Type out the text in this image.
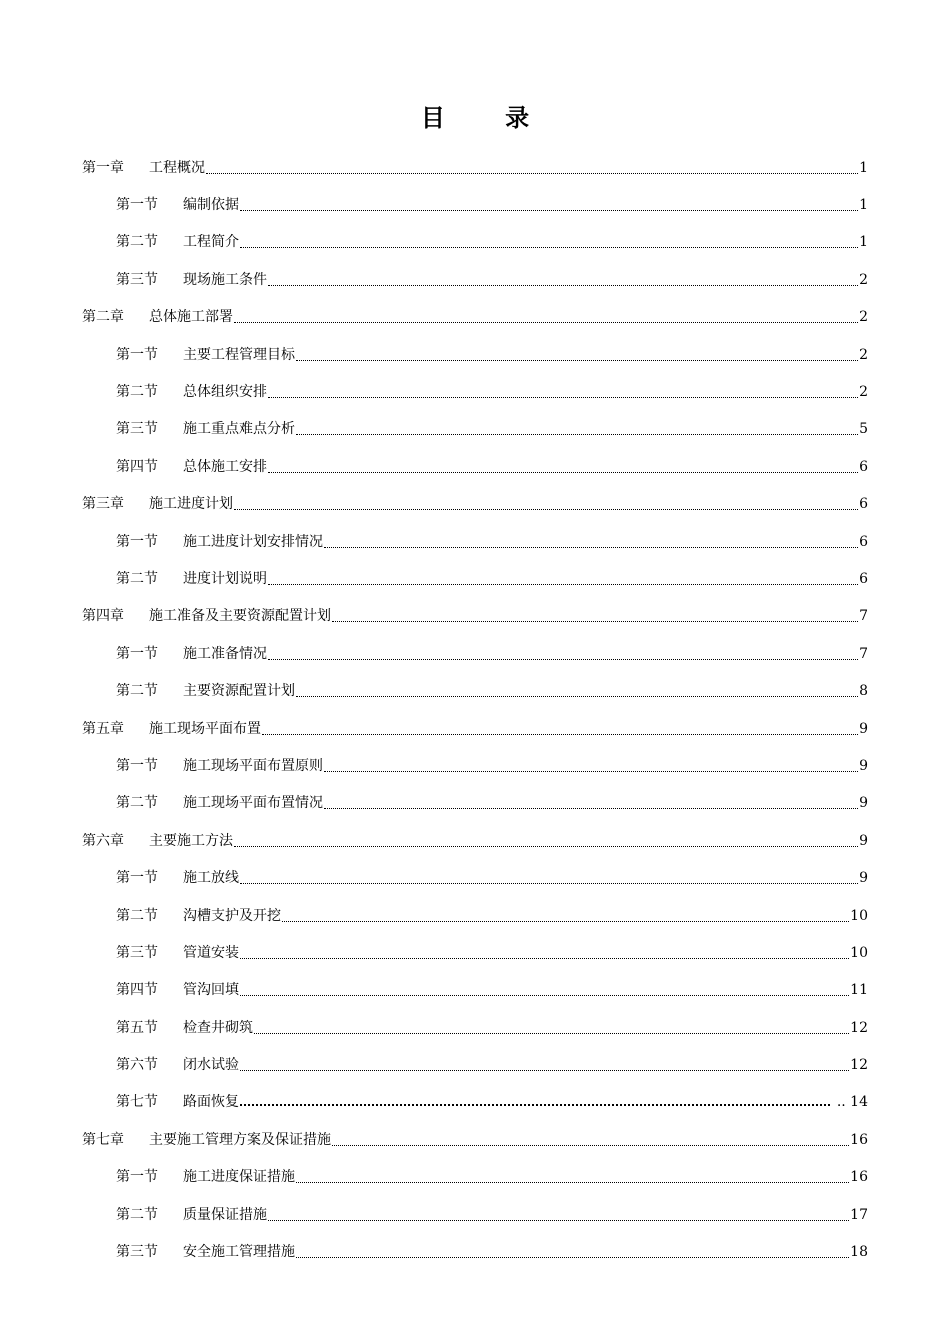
目 录
第一章	工程概况	1
第一节	编制依据	1
第二节	工程简介	1
第三节	现场施工条件	2
第二章	总体施工部署	2
第一节	主要工程管理目标	2
第二节	总体组织安排	2
第三节	施工重点难点分析	5
第四节	总体施工安排	6
第三章	施工进度计划	6
第一节	施工进度计划安排情况	6
第二节	进度计划说明	6
第四章	施工准备及主要资源配置计划	7
第一节	施工准备情况	7
第二节	主要资源配置计划	8
第五章	施工现场平面布置	9
第一节	施工现场平面布置原则	9
第二节	施工现场平面布置情况	9
第六章	主要施工方法	9
第一节	施工放线	9
第二节	沟槽支护及开挖	10
第三节	管道安装	10
第四节	管沟回填	11
第五节	检查井砌筑	12
第六节	闭水试验	12
第七节	路面恢复	.. 14
第七章	主要施工管理方案及保证措施	16
第一节	施工进度保证措施	16
第二节	质量保证措施	17
第三节	安全施工管理措施	18
